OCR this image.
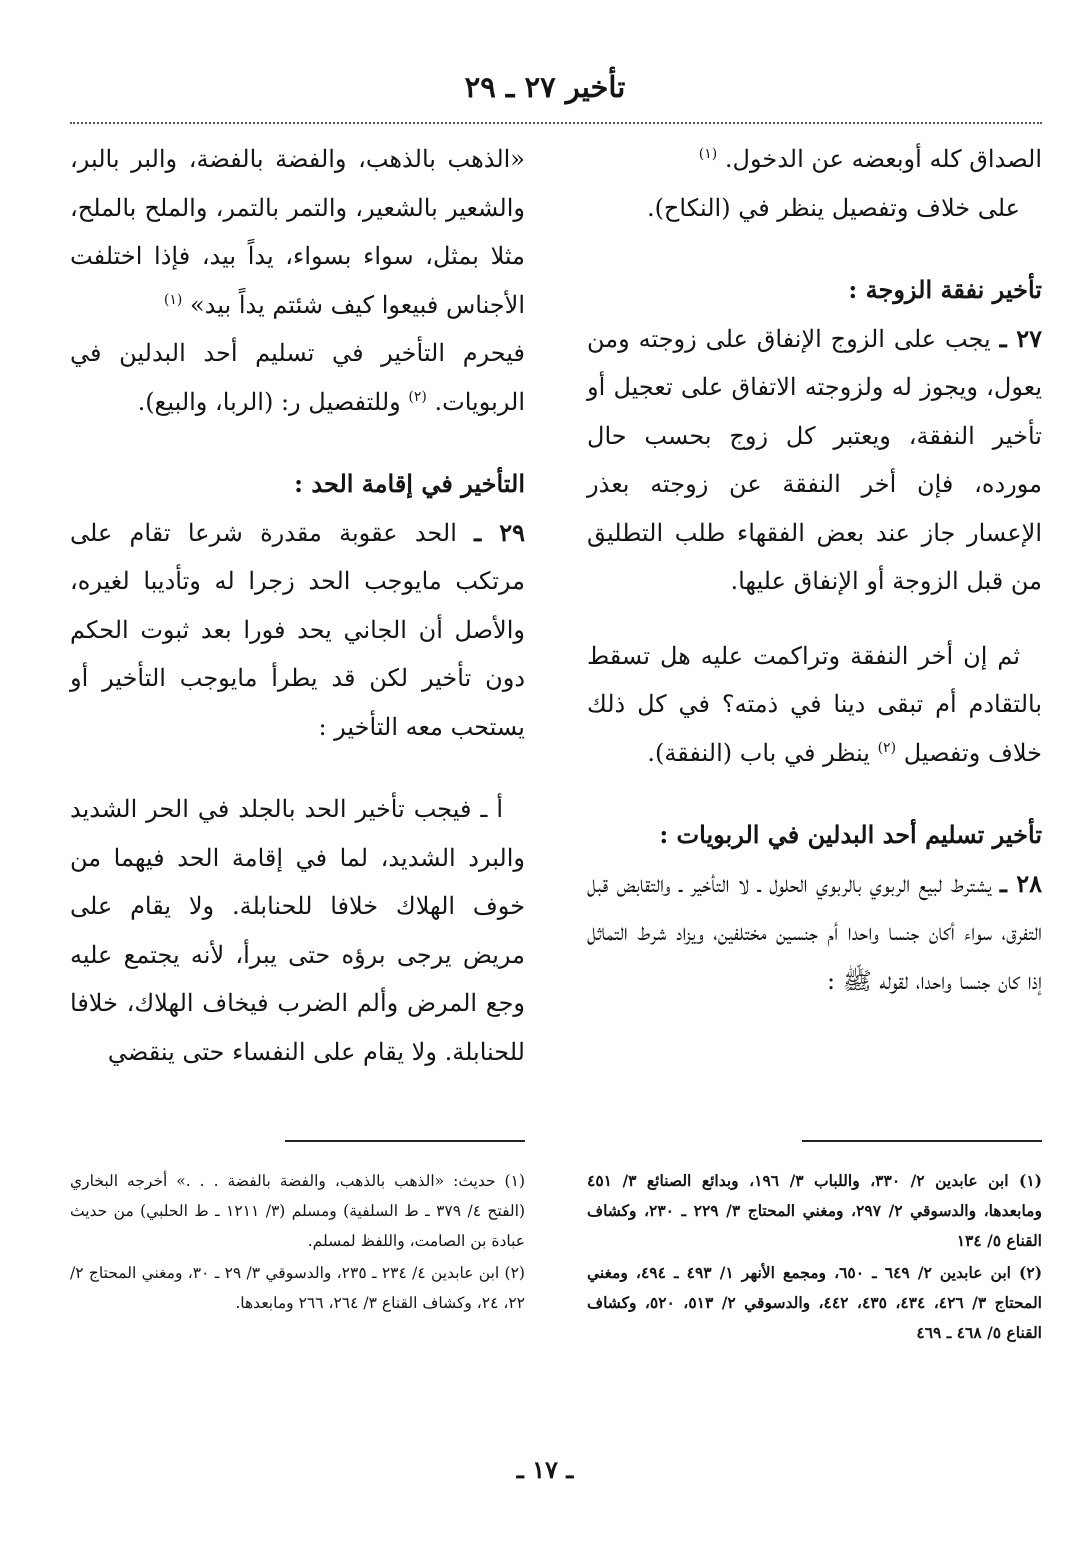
تأخير ٢٧ ـ ٢٩

الصداق كله أوبعضه عن الدخول. $^{(١)}$

على خلاف وتفصيل ينظر في (النكاح).

تأخير نفقة الزوجة :

٢٧ ـ يجب على الزوج الإنفاق على زوجته ومن يعول، ويجوز له ولزوجته الاتفاق على تعجيل أو تأخير النفقة، ويعتبر كل زوج بحسب حال مورده، فإن أخر النفقة عن زوجته بعذر الإعسار جاز عند بعض الفقهاء طلب التطليق من قبل الزوجة أو الإنفاق عليها.

ثم إن أخر النفقة وتراكمت عليه هل تسقط بالتقادم أم تبقى دينا في ذمته؟ في كل ذلك خلاف وتفصيل $^{(٢)}$ ينظر في باب (النفقة).

تأخير تسليم أحد البدلين في الربويات :

٢٨ ـ يشترط لبيع الربوي بالربوي الحلول ـ لا التأخير ـ والتقابض قبل التفرق، سواء أكان جنسا واحدا أم جنسين مختلفين، ويزاد شرط التماثل إذا كان جنسا واحدا، لقوله ﷺ :

«الذهب بالذهب، والفضة بالفضة، والبر بالبر، والشعير بالشعير، والتمر بالتمر، والملح بالملح، مثلا بمثل، سواء بسواء، يداً بيد، فإذا اختلفت الأجناس فبيعوا كيف شئتم يداً بيد» $^{(١)}$

فيحرم التأخير في تسليم أحد البدلين في الربويات. $^{(٢)}$ وللتفصيل ر: (الربا، والبيع).

التأخير في إقامة الحد :

٢٩ ـ الحد عقوبة مقدرة شرعا تقام على مرتكب مايوجب الحد زجرا له وتأديبا لغيره، والأصل أن الجاني يحد فورا بعد ثبوت الحكم دون تأخير لكن قد يطرأ مايوجب التأخير أو يستحب معه التأخير :

أ ـ فيجب تأخير الحد بالجلد في الحر الشديد والبرد الشديد، لما في إقامة الحد فيهما من خوف الهلاك خلافا للحنابلة. ولا يقام على مريض يرجى برؤه حتى يبرأ، لأنه يجتمع عليه وجع المرض وألم الضرب فيخاف الهلاك، خلافا للحنابلة. ولا يقام على النفساء حتى ينقضي

(١) ابن عابدين ٢/ ٣٣٠، واللباب ٣/ ١٩٦، وبدائع الصنائع ٣/ ٤٥١ ومابعدها، والدسوقي ٢/ ٢٩٧، ومغني المحتاج ٣/ ٢٢٩ ـ ٢٣٠، وكشاف القناع ٥/ ١٣٤

(٢) ابن عابدين ٢/ ٦٤٩ ـ ٦٥٠، ومجمع الأنهر ١/ ٤٩٣ ـ ٤٩٤، ومغني المحتاج ٣/ ٤٢٦، ٤٣٤، ٤٣٥، ٤٤٢، والدسوقي ٢/ ٥١٣، ٥٢٠، وكشاف القناع ٥/ ٤٦٨ ـ ٤٦٩

(١) حديث: «الذهب بالذهب، والفضة بالفضة . . .» أخرجه البخاري (الفتح ٤/ ٣٧٩ ـ ط السلفية) ومسلم (٣/ ١٢١١ ـ ط الحلبي) من حديث عبادة بن الصامت، واللفظ لمسلم.

(٢) ابن عابدين ٤/ ٢٣٤ ـ ٢٣٥، والدسوقي ٣/ ٢٩ ـ ٣٠، ومغني المحتاج ٢/ ٢٢، ٢٤، وكشاف القناع ٣/ ٢٦٤، ٢٦٦ ومابعدها.

ـ ١٧ ـ
